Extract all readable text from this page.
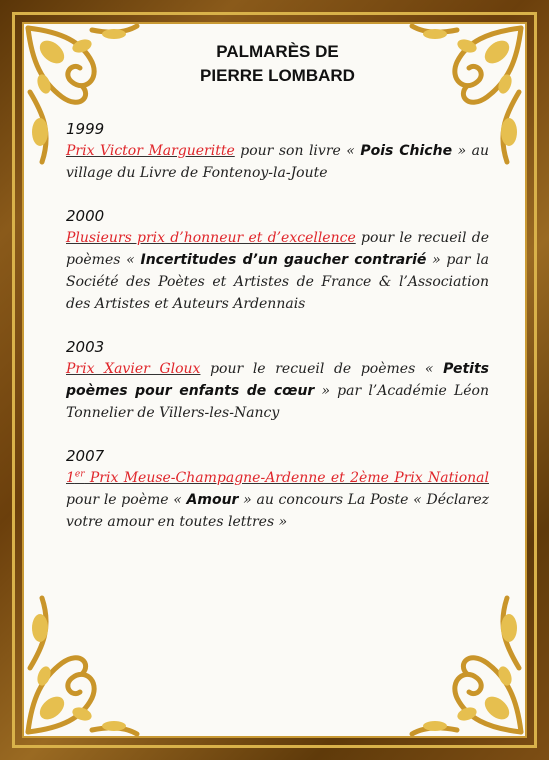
PALMARÈS DE
PIERRE LOMBARD
1999
Prix Victor Margueritte pour son livre « Pois Chiche » au village du Livre de Fontenoy-la-Joute
2000
Plusieurs prix d’honneur et d’excellence pour le recueil de poèmes « Incertitudes d’un gaucher contrarié » par la Société des Poètes et Artistes de France & l’Association des Artistes et Auteurs Ardennais
2003
Prix Xavier Gloux pour le recueil de poèmes « Petits poèmes pour enfants de cœur » par l’Académie Léon Tonnelier de Villers-les-Nancy
2007
1er Prix Meuse-Champagne-Ardenne et 2ème Prix National pour le poème « Amour » au concours La Poste « Déclarez votre amour en toutes lettres »
